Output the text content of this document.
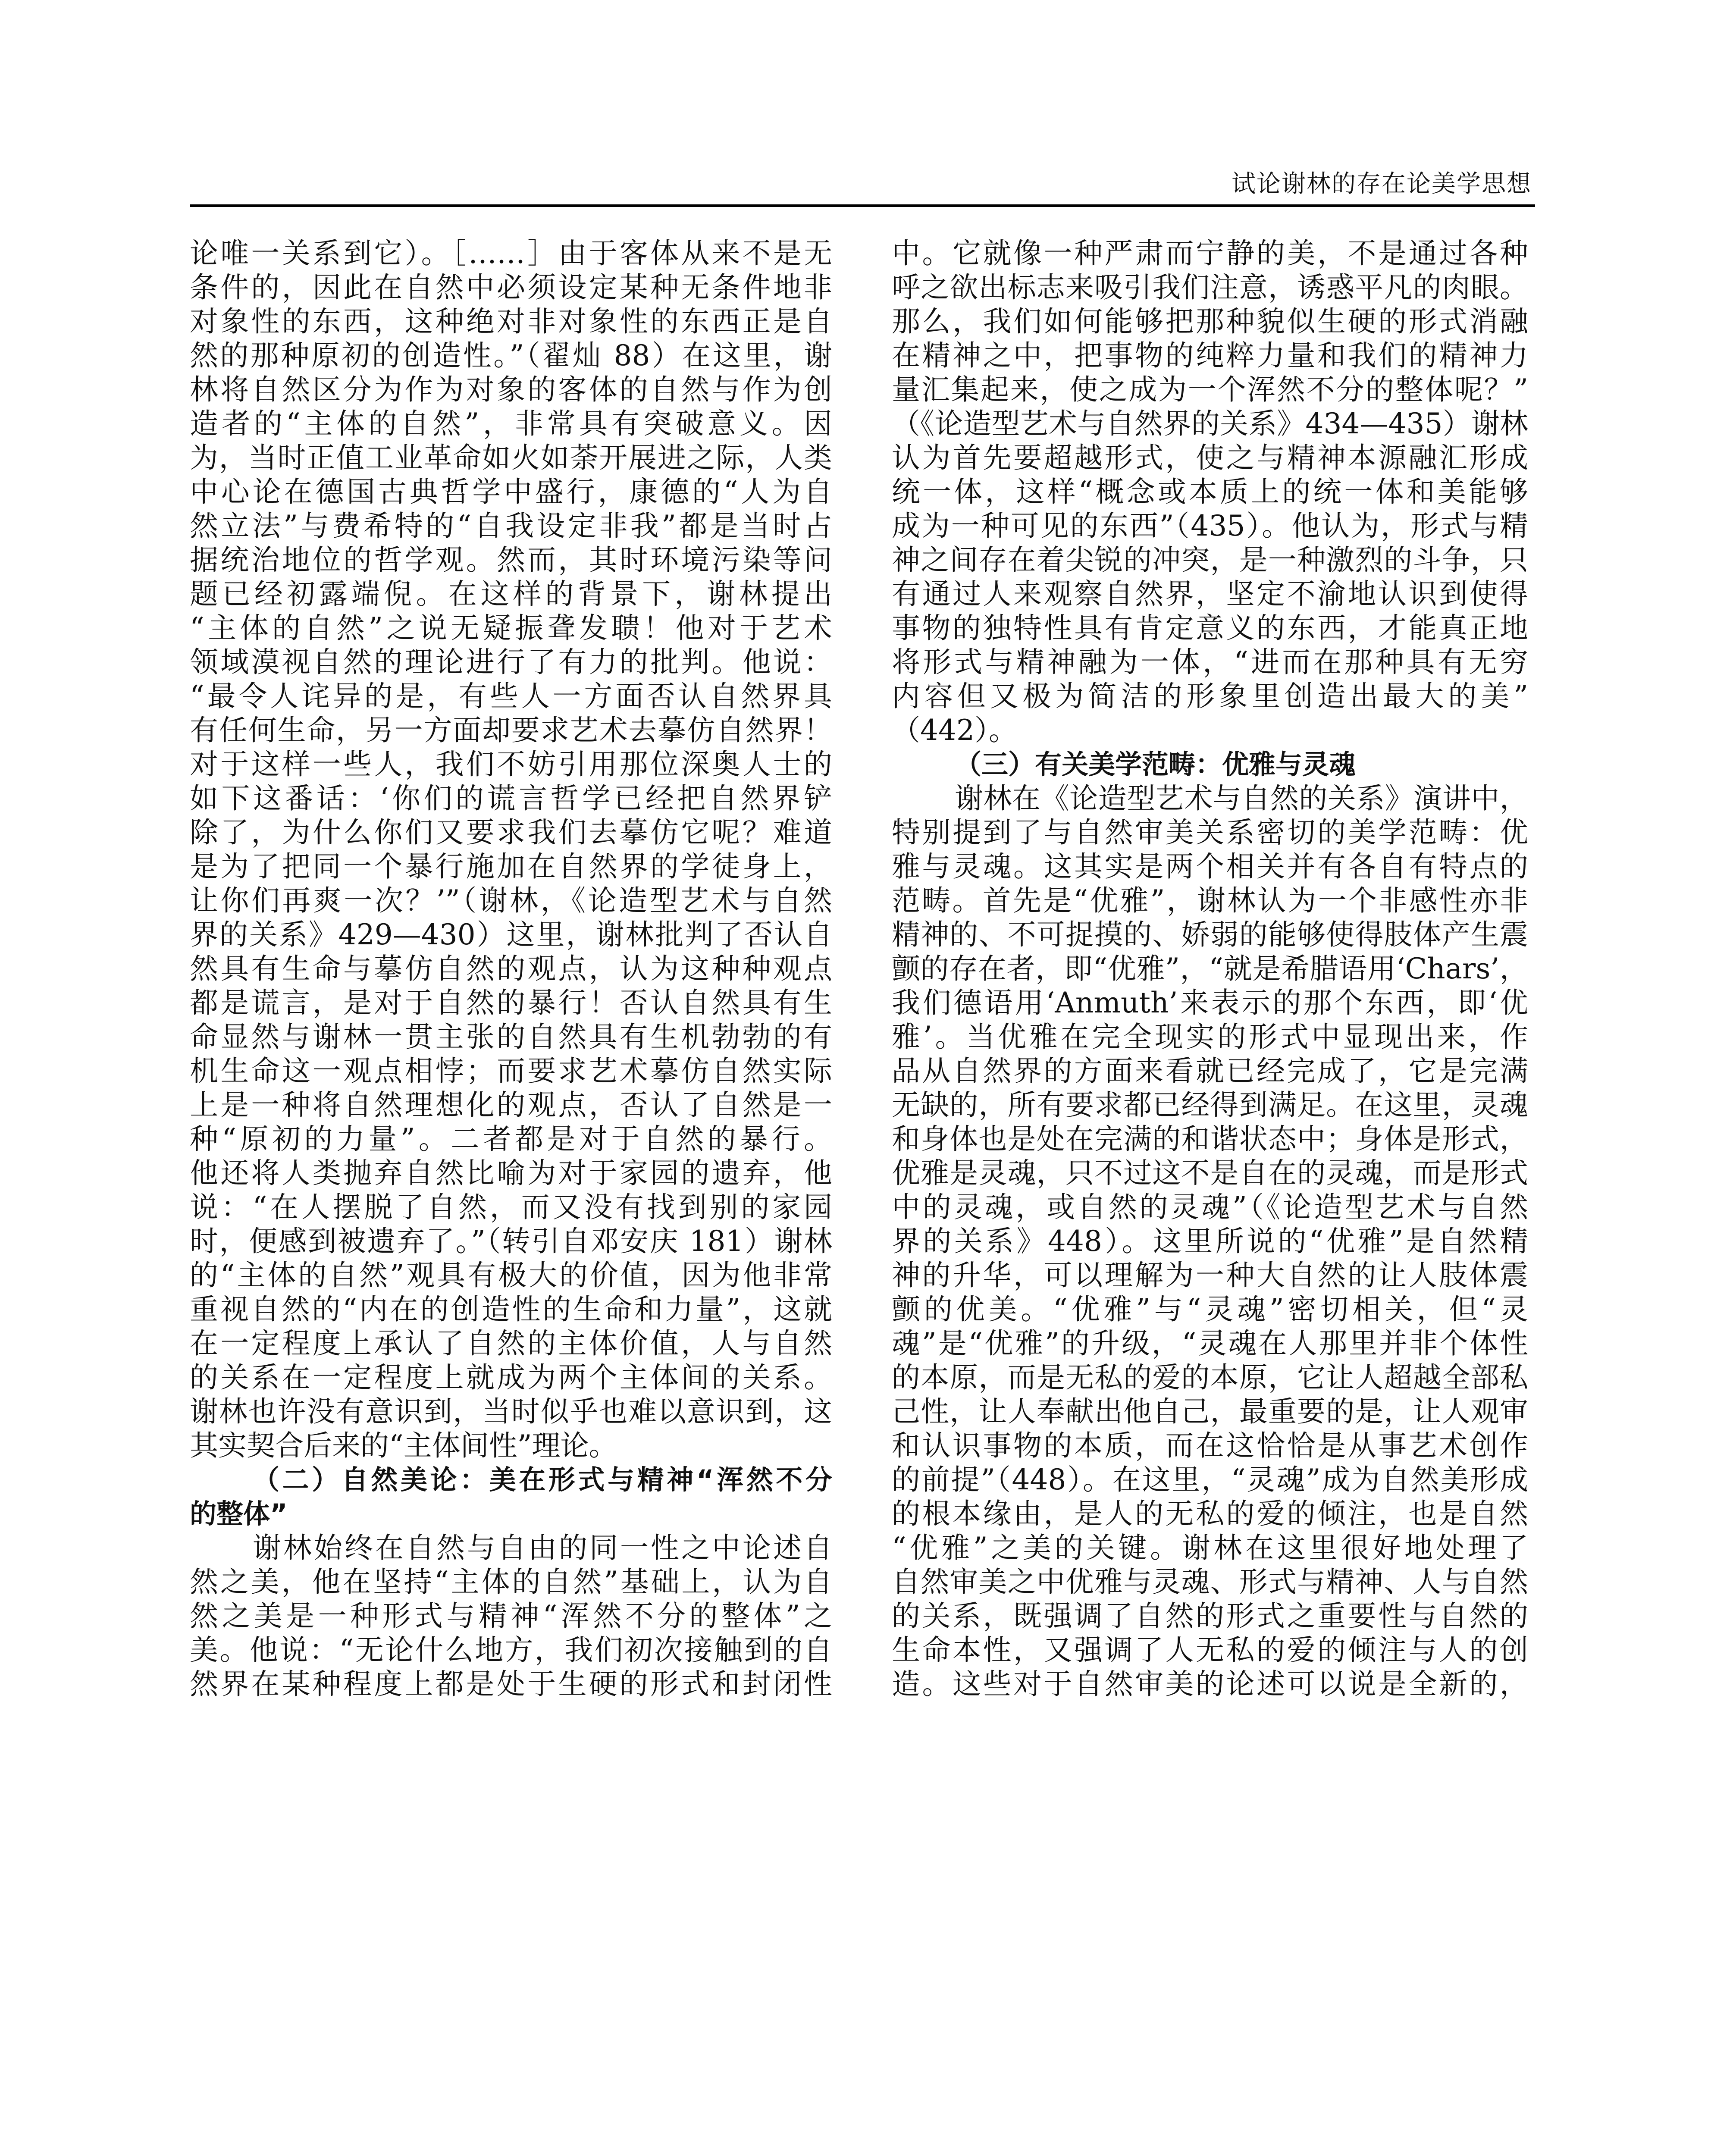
试论谢林的存在论美学思想
论唯一关系到它）。［……］由于客体从来不是无
条件的，因此在自然中必须设定某种无条件地非
对象性的东西，这种绝对非对象性的东西正是自
然的那种原初的创造性。”（翟灿 88）在这里，谢
林将自然区分为作为对象的客体的自然与作为创
造者的“主体的自然”，非常具有突破意义。因
为，当时正值工业革命如火如荼开展进之际，人类
中心论在德国古典哲学中盛行，康德的“人为自
然立法”与费希特的“自我设定非我”都是当时占
据统治地位的哲学观。然而，其时环境污染等问
题已经初露端倪。在这样的背景下，谢林提出
“主体的自然”之说无疑振聋发聩！他对于艺术
领域漠视自然的理论进行了有力的批判。他说：
“最令人诧异的是，有些人一方面否认自然界具
有任何生命，另一方面却要求艺术去摹仿自然界！
对于这样一些人，我们不妨引用那位深奥人士的
如下这番话：‘你们的谎言哲学已经把自然界铲
除了，为什么你们又要求我们去摹仿它呢？难道
是为了把同一个暴行施加在自然界的学徒身上，
让你们再爽一次？’”（谢林，《论造型艺术与自然
界的关系》429—430）这里，谢林批判了否认自
然具有生命与摹仿自然的观点，认为这种种观点
都是谎言，是对于自然的暴行！否认自然具有生
命显然与谢林一贯主张的自然具有生机勃勃的有
机生命这一观点相悖；而要求艺术摹仿自然实际
上是一种将自然理想化的观点，否认了自然是一
种“原初的力量”。二者都是对于自然的暴行。
他还将人类抛弃自然比喻为对于家园的遗弃，他
说：“在人摆脱了自然，而又没有找到别的家园
时，便感到被遗弃了。”（转引自邓安庆 181）谢林
的“主体的自然”观具有极大的价值，因为他非常
重视自然的“内在的创造性的生命和力量”，这就
在一定程度上承认了自然的主体价值，人与自然
的关系在一定程度上就成为两个主体间的关系。
谢林也许没有意识到，当时似乎也难以意识到，这
其实契合后来的“主体间性”理论。
（二）自然美论：美在形式与精神“浑然不分
的整体”
谢林始终在自然与自由的同一性之中论述自
然之美，他在坚持“主体的自然”基础上，认为自
然之美是一种形式与精神“浑然不分的整体”之
美。他说：“无论什么地方，我们初次接触到的自
然界在某种程度上都是处于生硬的形式和封闭性
中。它就像一种严肃而宁静的美，不是通过各种
呼之欲出标志来吸引我们注意，诱惑平凡的肉眼。
那么，我们如何能够把那种貌似生硬的形式消融
在精神之中，把事物的纯粹力量和我们的精神力
量汇集起来，使之成为一个浑然不分的整体呢？”
（《论造型艺术与自然界的关系》434—435）谢林
认为首先要超越形式，使之与精神本源融汇形成
统一体，这样“概念或本质上的统一体和美能够
成为一种可见的东西”（435）。他认为，形式与精
神之间存在着尖锐的冲突，是一种激烈的斗争，只
有通过人来观察自然界，坚定不渝地认识到使得
事物的独特性具有肯定意义的东西，才能真正地
将形式与精神融为一体，“进而在那种具有无穷
内容但又极为简洁的形象里创造出最大的美”
（442）。
（三）有关美学范畴：优雅与灵魂
谢林在《论造型艺术与自然的关系》演讲中，
特别提到了与自然审美关系密切的美学范畴：优
雅与灵魂。这其实是两个相关并有各自有特点的
范畴。首先是“优雅”，谢林认为一个非感性亦非
精神的、不可捉摸的、娇弱的能够使得肢体产生震
颤的存在者，即“优雅”，“就是希腊语用‘Chars’，
我们德语用‘Anmuth’来表示的那个东西，即‘优
雅’。当优雅在完全现实的形式中显现出来，作
品从自然界的方面来看就已经完成了，它是完满
无缺的，所有要求都已经得到满足。在这里，灵魂
和身体也是处在完满的和谐状态中；身体是形式，
优雅是灵魂，只不过这不是自在的灵魂，而是形式
中的灵魂，或自然的灵魂”（《论造型艺术与自然
界的关系》448）。这里所说的“优雅”是自然精
神的升华，可以理解为一种大自然的让人肢体震
颤的优美。“优雅”与“灵魂”密切相关，但“灵
魂”是“优雅”的升级，“灵魂在人那里并非个体性
的本原，而是无私的爱的本原，它让人超越全部私
己性，让人奉献出他自己，最重要的是，让人观审
和认识事物的本质，而在这恰恰是从事艺术创作
的前提”（448）。在这里，“灵魂”成为自然美形成
的根本缘由，是人的无私的爱的倾注，也是自然
“优雅”之美的关键。谢林在这里很好地处理了
自然审美之中优雅与灵魂、形式与精神、人与自然
的关系，既强调了自然的形式之重要性与自然的
生命本性，又强调了人无私的爱的倾注与人的创
造。这些对于自然审美的论述可以说是全新的，
